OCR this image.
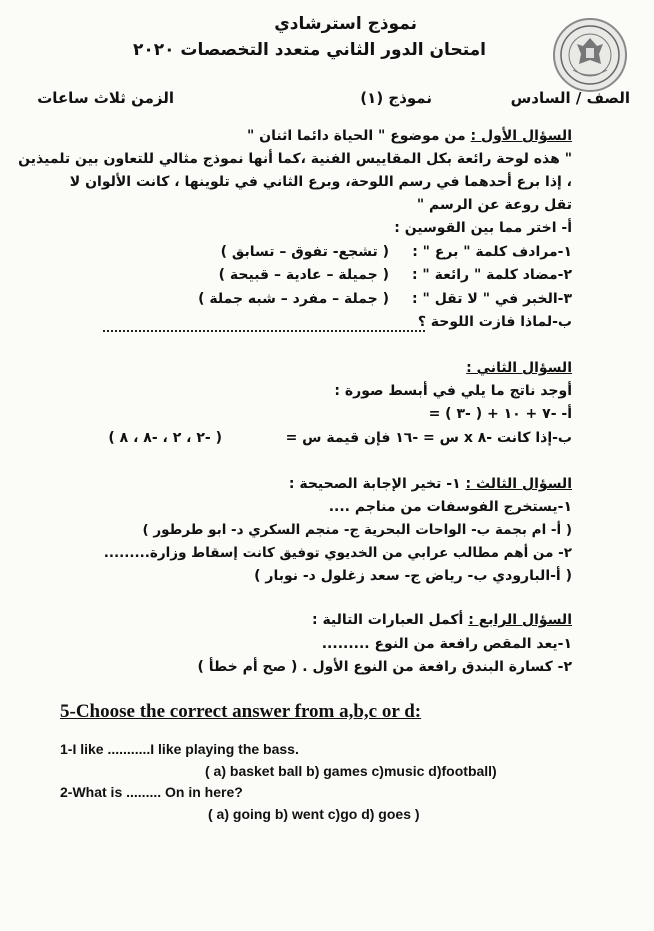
نموذج استرشادي
امتحان الدور الثاني متعدد التخصصات ٢٠٢٠
الصف / السادس
نموذج (١)
الزمن ثلاث ساعات
السؤال الأول : من موضوع " الحياة دائما اثنان "
" هذه لوحة رائعة بكل المقاييس الفنية ،كما أنها نموذج مثالي للتعاون بين تلميذين
، إذا برع أحدهما في رسم اللوحة، وبرع الثاني في تلوينها ، كانت الألوان لا
تقل روعة عن الرسم "
أ- اختر مما بين القوسين :
١-مرادف كلمة " برع " :
( تشجع- تفوق – تسابق )
٢-مضاد كلمة " رائعة " :
( جميلة – عادية – قبيحة )
٣-الخبر في " لا تقل " :
( جملة – مفرد – شبه جملة )
ب-لماذا فازت اللوحة ؟
السؤال الثاني :
أوجد ناتج ما يلي في أبسط صورة :
أ- -٧ + ١٠ + ( -٣ ) =
ب-إذا كانت -٨ x س = -١٦ فإن قيمة س =
( -٢ ، ٢ ، -٨ ، ٨ )
السؤال الثالث : ١- تخير الإجابة الصحيحة :
١-يستخرج الفوسفات من مناجم ....
( أ- ام بجمة ب- الواحات البحرية ج- منجم السكري د- ابو طرطور )
٢- من أهم مطالب عرابي من الخديوي توفيق كانت إسقاط وزارة.........
( أ-البارودي ب- رياض ج- سعد زغلول د- نوبار )
السؤال الرابع : أكمل العبارات التالية :
١-يعد المقص رافعة من النوع .........
٢- كسارة البندق رافعة من النوع الأول . ( صح أم خطأ )
5-Choose the correct answer from a,b,c or d:
1-I like ...........I like playing the bass.
( a) basket ball b) games c)music d)football)
2-What is ......... On in here?
( a) going b) went c)go d) goes )
